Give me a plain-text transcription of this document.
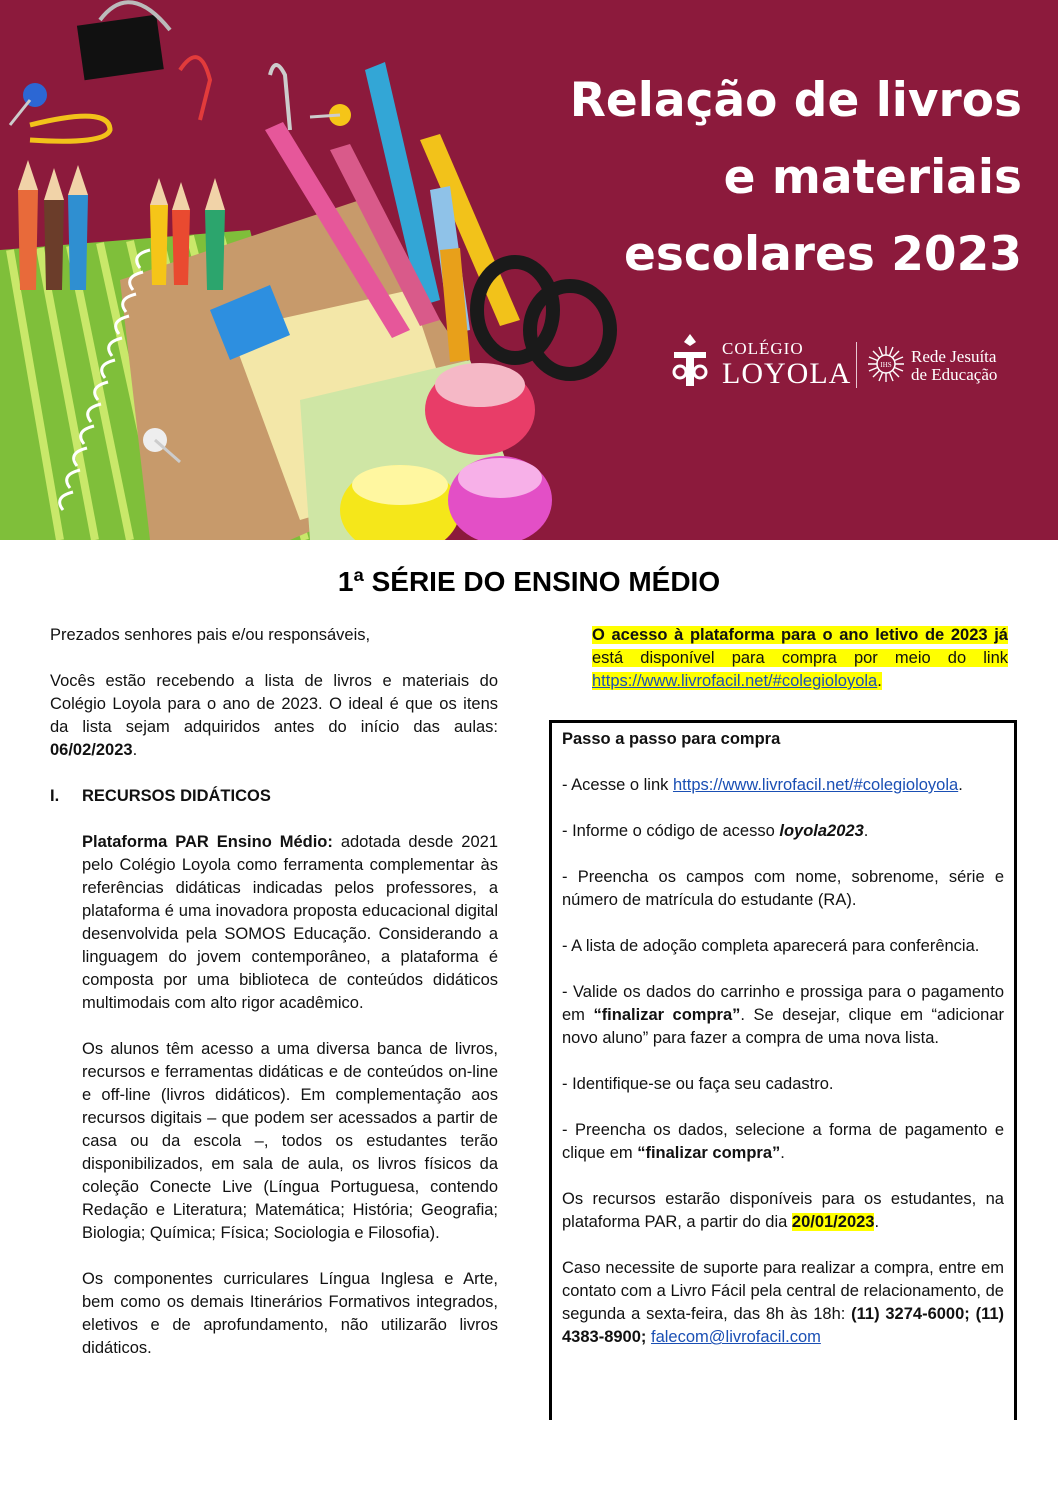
Relação de livros
e materiais
escolares 2023
COLÉGIO
LOYOLA	IHS Rede Jesuíta
de Educação
1ª SÉRIE DO ENSINO MÉDIO

Prezados senhores pais e/ou responsáveis,

Vocês estão recebendo a lista de livros e materiais do Colégio Loyola para o ano de 2023. O ideal é que os itens da lista sejam adquiridos antes do início das aulas: 06/02/2023.

I.	RECURSOS DIDÁTICOS

Plataforma PAR Ensino Médio: adotada desde 2021 pelo Colégio Loyola como ferramenta complementar às referências didáticas indicadas pelos professores, a plataforma é uma inovadora proposta educacional digital desenvolvida pela SOMOS Educação. Considerando a linguagem do jovem contemporâneo, a plataforma é composta por uma biblioteca de conteúdos didáticos multimodais com alto rigor acadêmico.

Os alunos têm acesso a uma diversa banca de livros, recursos e ferramentas didáticas e de conteúdos on-line e off-line (livros didáticos). Em complementação aos recursos digitais – que podem ser acessados a partir de casa ou da escola –, todos os estudantes terão disponibilizados, em sala de aula, os livros físicos da coleção Conecte Live (Língua Portuguesa, contendo Redação e Literatura; Matemática; História; Geografia; Biologia; Química; Física; Sociologia e Filosofia).

Os componentes curriculares Língua Inglesa e Arte, bem como os demais Itinerários Formativos integrados, eletivos e de aprofundamento, não utilizarão livros didáticos.

O acesso à plataforma para o ano letivo de 2023 já está disponível para compra por meio do link https://www.livrofacil.net/#colegioloyola.

Passo a passo para compra

- Acesse o link https://www.livrofacil.net/#colegioloyola.

- Informe o código de acesso loyola2023.

- Preencha os campos com nome, sobrenome, série e número de matrícula do estudante (RA).

- A lista de adoção completa aparecerá para conferência.

- Valide os dados do carrinho e prossiga para o pagamento em “finalizar compra”. Se desejar, clique em “adicionar novo aluno” para fazer a compra de uma nova lista.

- Identifique-se ou faça seu cadastro.

- Preencha os dados, selecione a forma de pagamento e clique em “finalizar compra”.

Os recursos estarão disponíveis para os estudantes, na plataforma PAR, a partir do dia 20/01/2023.

Caso necessite de suporte para realizar a compra, entre em contato com a Livro Fácil pela central de relacionamento, de segunda a sexta-feira, das 8h às 18h: (11) 3274-6000; (11) 4383-8900; falecom@livrofacil.com
